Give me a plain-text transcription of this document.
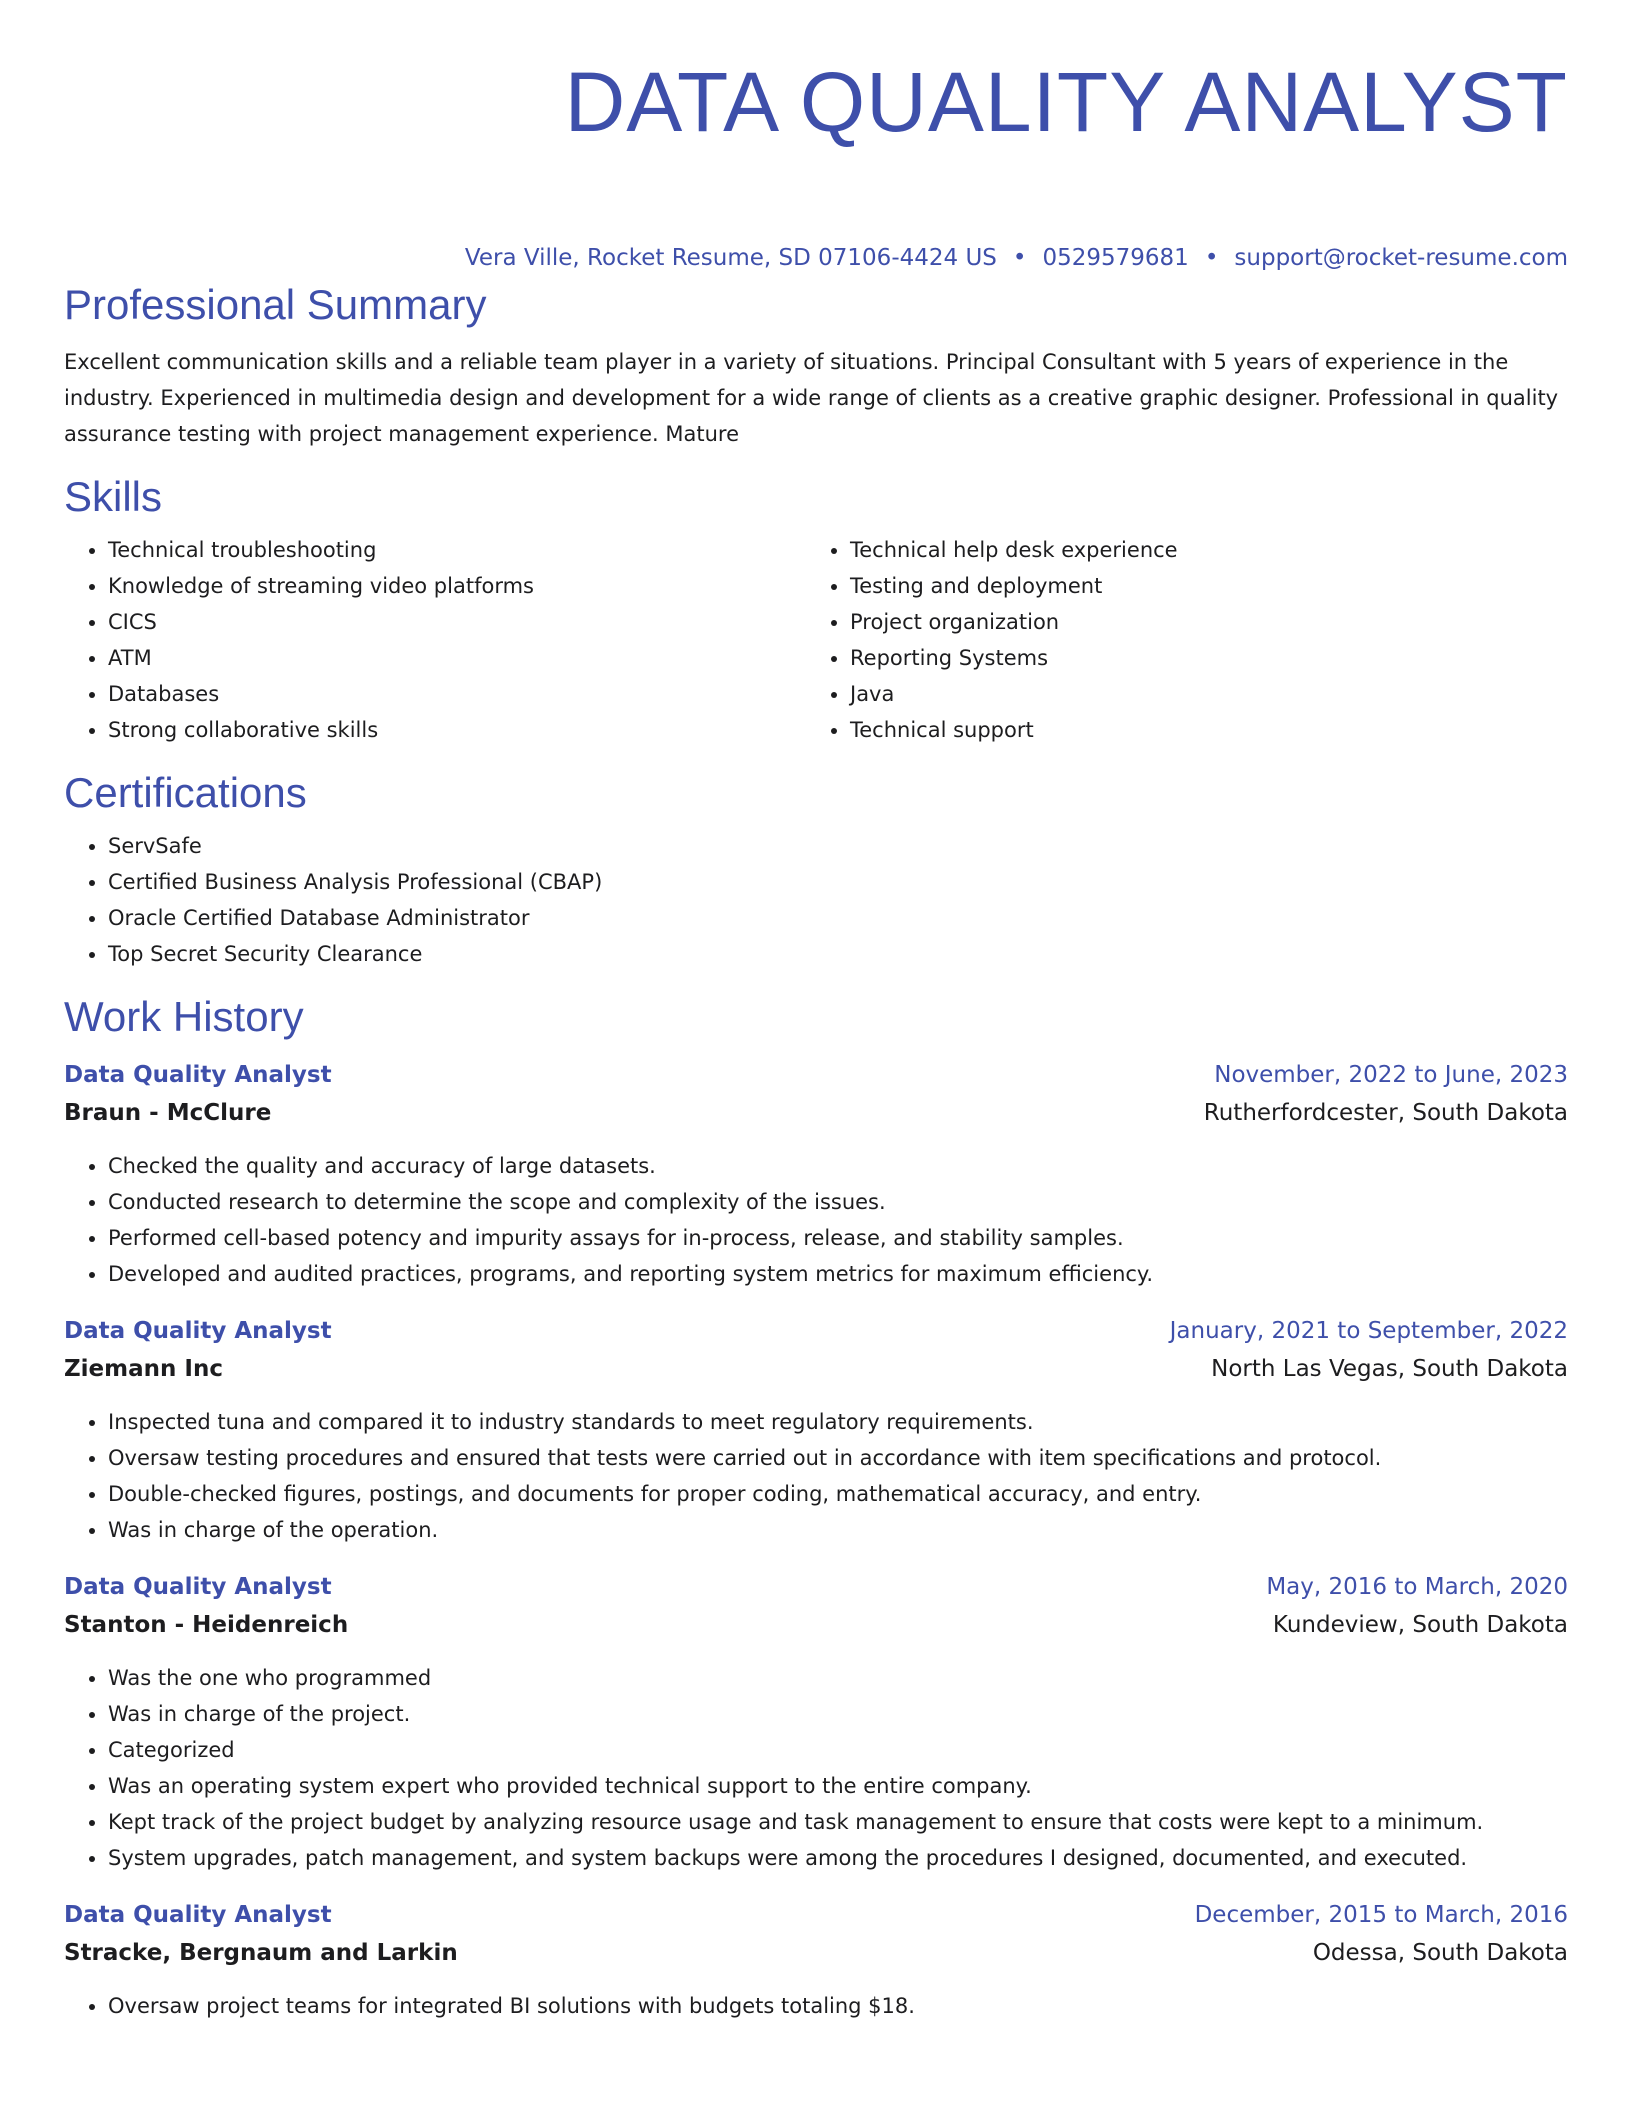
DATA QUALITY ANALYST
Vera Ville, Rocket Resume, SD 07106-4424 US • 0529579681 • support@rocket-resume.com
Professional Summary

Excellent communication skills and a reliable team player in a variety of situations. Principal Consultant with 5 years of experience in the industry. Experienced in multimedia design and development for a wide range of clients as a creative graphic designer. Professional in quality assurance testing with project management experience. Mature

Skills
• Technical troubleshooting
• Knowledge of streaming video platforms
• CICS
• ATM
• Databases
• Strong collaborative skills
• Technical help desk experience
• Testing and deployment
• Project organization
• Reporting Systems
• Java
• Technical support
Certifications
• ServSafe
• Certified Business Analysis Professional (CBAP)
• Oracle Certified Database Administrator
• Top Secret Security Clearance
Work History
Data Quality Analyst	November, 2022 to June, 2023
Braun - McClure	Rutherfordcester, South Dakota
• Checked the quality and accuracy of large datasets.
• Conducted research to determine the scope and complexity of the issues.
• Performed cell-based potency and impurity assays for in-process, release, and stability samples.
• Developed and audited practices, programs, and reporting system metrics for maximum efficiency.
Data Quality Analyst	January, 2021 to September, 2022
Ziemann Inc	North Las Vegas, South Dakota
• Inspected tuna and compared it to industry standards to meet regulatory requirements.
• Oversaw testing procedures and ensured that tests were carried out in accordance with item specifications and protocol.
• Double-checked figures, postings, and documents for proper coding, mathematical accuracy, and entry.
• Was in charge of the operation.
Data Quality Analyst	May, 2016 to March, 2020
Stanton - Heidenreich	Kundeview, South Dakota
• Was the one who programmed
• Was in charge of the project.
• Categorized
• Was an operating system expert who provided technical support to the entire company.
• Kept track of the project budget by analyzing resource usage and task management to ensure that costs were kept to a minimum.
• System upgrades, patch management, and system backups were among the procedures I designed, documented, and executed.
Data Quality Analyst	December, 2015 to March, 2016
Stracke, Bergnaum and Larkin	Odessa, South Dakota
• Oversaw project teams for integrated BI solutions with budgets totaling $18.
